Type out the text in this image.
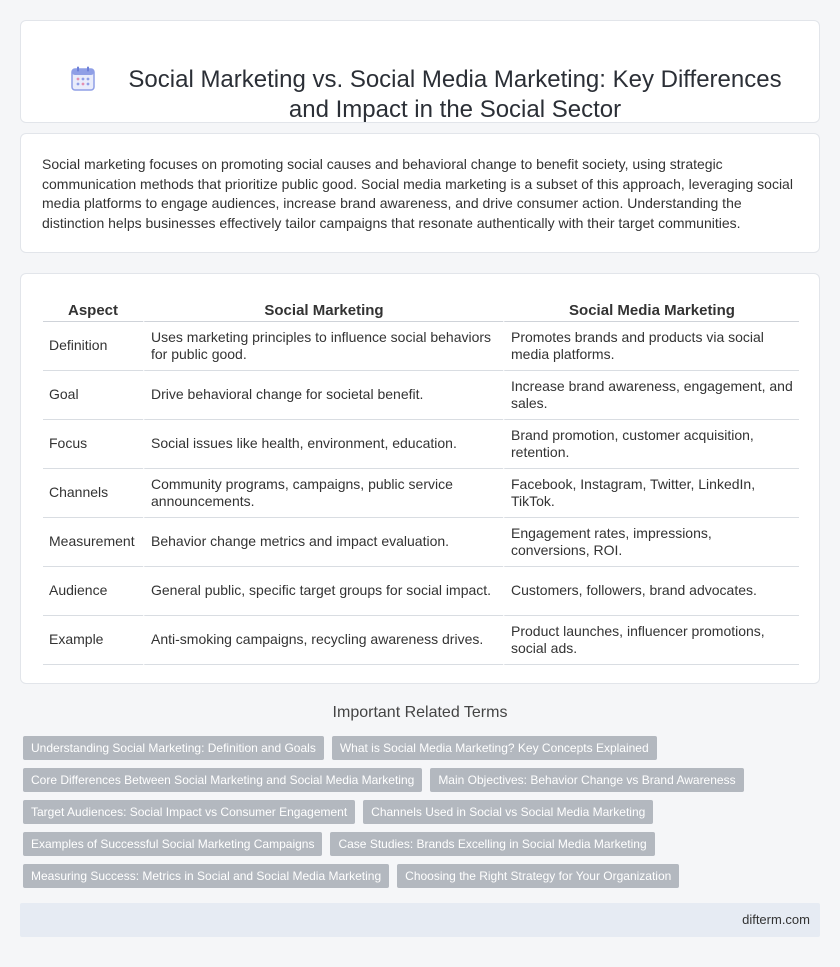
Social Marketing vs. Social Media Marketing: Key Differences and Impact in the Social Sector

Social marketing focuses on promoting social causes and behavioral change to benefit society, using strategic communication methods that prioritize public good. Social media marketing is a subset of this approach, leveraging social media platforms to engage audiences, increase brand awareness, and drive consumer action. Understanding the distinction helps businesses effectively tailor campaigns that resonate authentically with their target communities.

Aspect	Social Marketing	Social Media Marketing
Definition	Uses marketing principles to influence social behaviors for public good.	Promotes brands and products via social media platforms.
Goal	Drive behavioral change for societal benefit.	Increase brand awareness, engagement, and sales.
Focus	Social issues like health, environment, education.	Brand promotion, customer acquisition, retention.
Channels	Community programs, campaigns, public service announcements.	Facebook, Instagram, Twitter, LinkedIn, TikTok.
Measurement	Behavior change metrics and impact evaluation.	Engagement rates, impressions, conversions, ROI.
Audience	General public, specific target groups for social impact.	Customers, followers, brand advocates.
Example	Anti-smoking campaigns, recycling awareness drives.	Product launches, influencer promotions, social ads.
Important Related Terms
Understanding Social Marketing: Definition and Goals	What is Social Media Marketing? Key Concepts Explained
Core Differences Between Social Marketing and Social Media Marketing	Main Objectives: Behavior Change vs Brand Awareness
Target Audiences: Social Impact vs Consumer Engagement	Channels Used in Social vs Social Media Marketing
Examples of Successful Social Marketing Campaigns	Case Studies: Brands Excelling in Social Media Marketing
Measuring Success: Metrics in Social and Social Media Marketing	Choosing the Right Strategy for Your Organization
difterm.com
